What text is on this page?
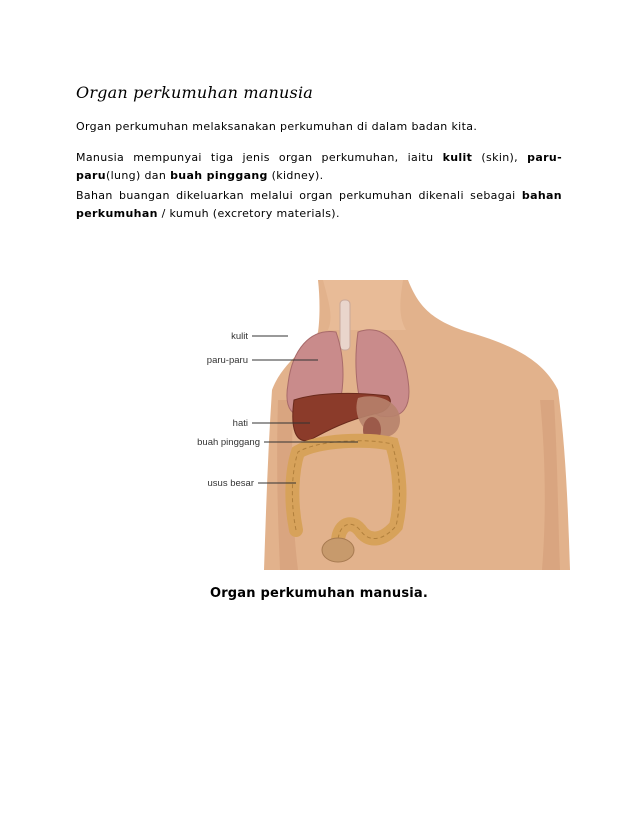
Organ perkumuhan manusia
Organ perkumuhan melaksanakan perkumuhan di dalam badan kita.
Manusia mempunyai tiga jenis organ perkumuhan, iaitu kulit (skin), paru-paru(lung) dan buah pinggang (kidney).
Bahan buangan dikeluarkan melalui organ perkumuhan dikenali sebagai bahan perkumuhan / kumuh (excretory materials).
kulit
paru-paru
hati
buah pinggang
usus besar
Organ perkumuhan manusia.
